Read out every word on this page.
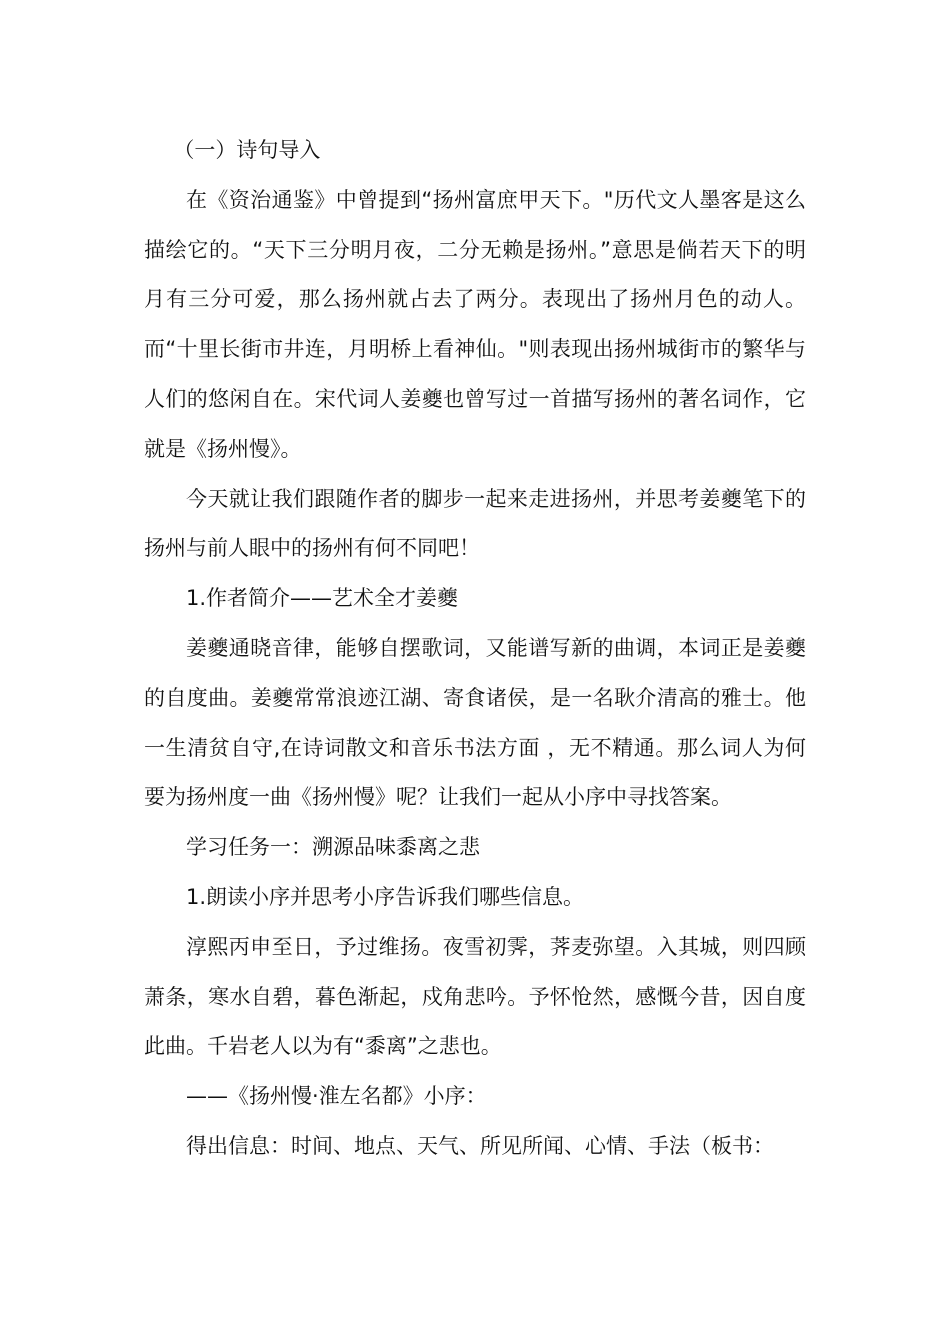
（一）诗句导入

在《资治通鉴》中曾提到“扬州富庶甲天下。"历代文人墨客是这么描绘它的。“天下三分明月夜，二分无赖是扬州。”意思是倘若天下的明月有三分可爱，那么扬州就占去了两分。表现出了扬州月色的动人。而“十里长街市井连，月明桥上看神仙。"则表现出扬州城街市的繁华与人们的悠闲自在。宋代词人姜夔也曾写过一首描写扬州的著名词作，它就是《扬州慢》。

今天就让我们跟随作者的脚步一起来走进扬州，并思考姜夔笔下的扬州与前人眼中的扬州有何不同吧！

1.作者简介——艺术全才姜夔

姜夔通晓音律，能够自摆歌词，又能谱写新的曲调，本词正是姜夔的自度曲。姜夔常常浪迹江湖、寄食诸侯，是一名耿介清高的雅士。他一生清贫自守,在诗词散文和音乐书法方面 ，无不精通。那么词人为何要为扬州度一曲《扬州慢》呢？让我们一起从小序中寻找答案。

学习任务一：溯源品味黍离之悲

1.朗读小序并思考小序告诉我们哪些信息。

淳熙丙申至日，予过维扬。夜雪初霁，荠麦弥望。入其城，则四顾萧条，寒水自碧，暮色渐起，戍角悲吟。予怀怆然，感慨今昔，因自度此曲。千岩老人以为有“黍离”之悲也。

——《扬州慢·淮左名都》小序：

得出信息：时间、地点、天气、所见所闻、心情、手法（板书：
